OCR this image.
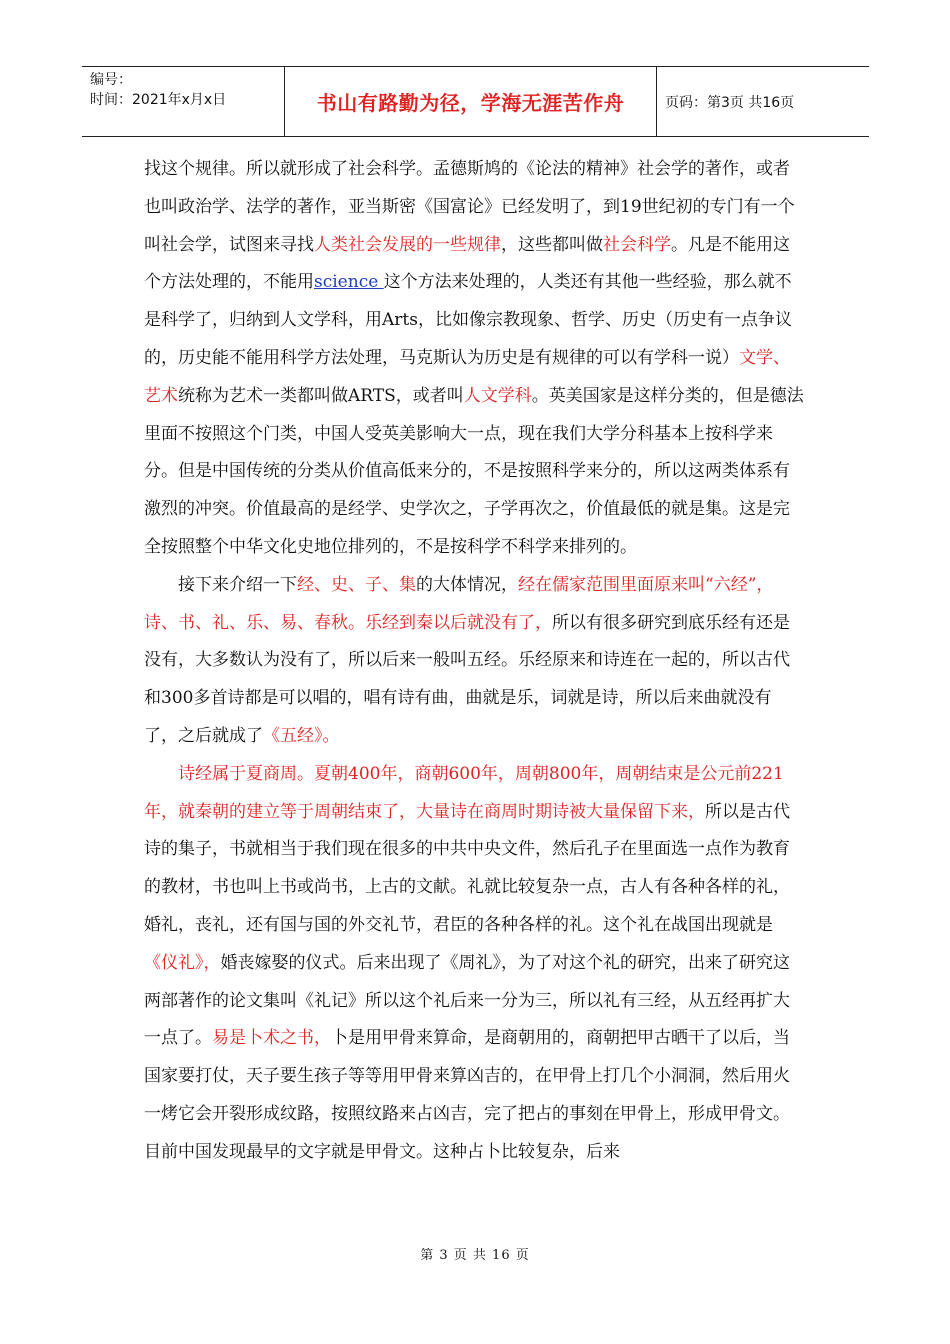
编号：
时间：2021年x月x日	书山有路勤为径，学海无涯苦作舟	页码：第3页 共16页

找这个规律。所以就形成了社会科学。孟德斯鸠的《论法的精神》社会学的著作，或者也叫政治学、法学的著作，亚当斯密《国富论》已经发明了，到19世纪初的专门有一个叫社会学，试图来寻找人类社会发展的一些规律，这些都叫做社会科学。凡是不能用这个方法处理的，不能用science 这个方法来处理的，人类还有其他一些经验，那么就不是科学了，归纳到人文学科，用Arts，比如像宗教现象、哲学、历史（历史有一点争议的，历史能不能用科学方法处理，马克斯认为历史是有规律的可以有学科一说）文学、艺术统称为艺术一类都叫做ARTS，或者叫人文学科。英美国家是这样分类的，但是德法里面不按照这个门类，中国人受英美影响大一点，现在我们大学分科基本上按科学来分。但是中国传统的分类从价值高低来分的，不是按照科学来分的，所以这两类体系有激烈的冲突。价值最高的是经学、史学次之，子学再次之，价值最低的就是集。这是完全按照整个中华文化史地位排列的，不是按科学不科学来排列的。

接下来介绍一下经、史、子、集的大体情况，经在儒家范围里面原来叫“六经”，诗、书、礼、乐、易、春秋。乐经到秦以后就没有了，所以有很多研究到底乐经有还是没有，大多数认为没有了，所以后来一般叫五经。乐经原来和诗连在一起的，所以古代和300多首诗都是可以唱的，唱有诗有曲，曲就是乐，词就是诗，所以后来曲就没有了，之后就成了《五经》。

诗经属于夏商周。夏朝400年，商朝600年，周朝800年，周朝结束是公元前221年，就秦朝的建立等于周朝结束了，大量诗在商周时期诗被大量保留下来，所以是古代诗的集子，书就相当于我们现在很多的中共中央文件，然后孔子在里面选一点作为教育的教材，书也叫上书或尚书，上古的文献。礼就比较复杂一点，古人有各种各样的礼，婚礼，丧礼，还有国与国的外交礼节，君臣的各种各样的礼。这个礼在战国出现就是《仪礼》，婚丧嫁娶的仪式。后来出现了《周礼》，为了对这个礼的研究，出来了研究这两部著作的论文集叫《礼记》所以这个礼后来一分为三，所以礼有三经，从五经再扩大一点了。易是卜术之书，卜是用甲骨来算命，是商朝用的，商朝把甲古晒干了以后，当国家要打仗，天子要生孩子等等用甲骨来算凶吉的，在甲骨上打几个小洞洞，然后用火一烤它会开裂形成纹路，按照纹路来占凶吉，完了把占的事刻在甲骨上，形成甲骨文。目前中国发现最早的文字就是甲骨文。这种占卜比较复杂，后来

第 3 页 共 16 页
